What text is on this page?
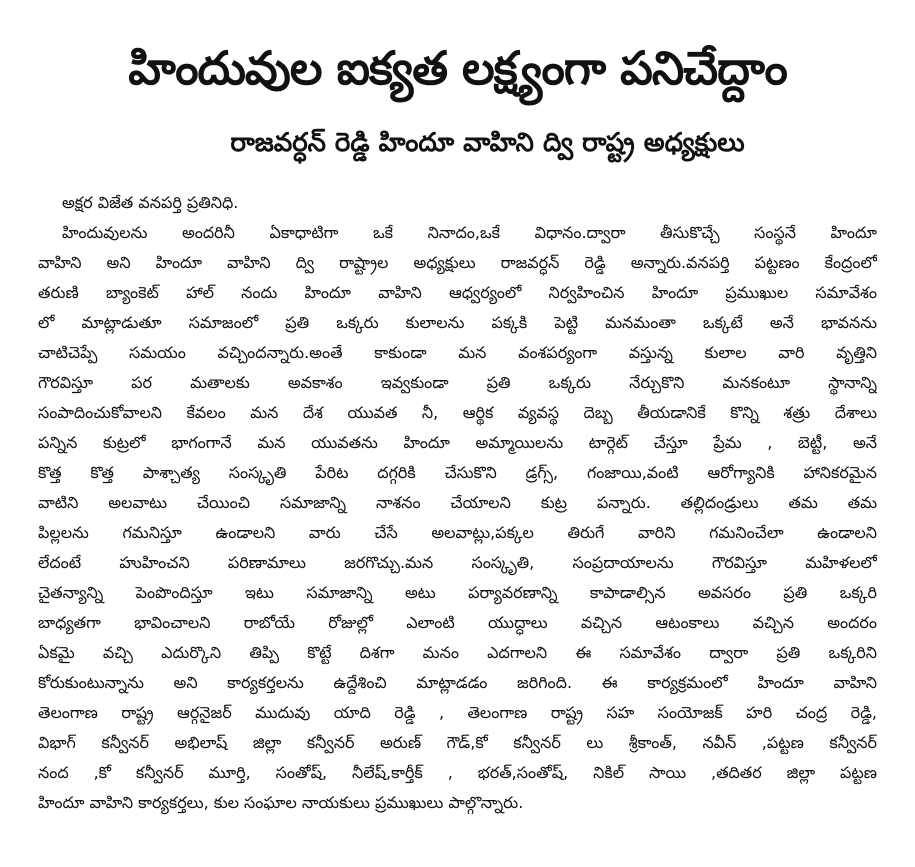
హిందువుల ఐక్యత లక్ష్యంగా పనిచేద్దాం
రాజవర్ధన్ రెడ్డి హిందూ వాహిని ద్వి రాష్ట్ర అధ్యక్షులు
అక్షర విజేత వనపర్తి ప్రతినిధి.
హిందువులను అందరినీ ఏకాధాటిగా ఒకే నినాదం,ఒకే విధానం.ద్వారా తీసుకొచ్చే సంస్థనే హిందూ
వాహిని అని హిందూ వాహిని ద్వి రాష్ట్రాల అధ్యక్షులు రాజవర్ధన్ రెడ్డి అన్నారు.వనపర్తి పట్టణం కేంద్రంలో
తరుణి బ్యాంకెట్ హాల్ నందు హిందూ వాహిని ఆధ్వర్యంలో నిర్వహించిన హిందూ ప్రముఖుల సమావేశం
లో మాట్లాడుతూ సమాజంలో ప్రతి ఒక్కరు కులాలను పక్కకి పెట్టి మనమంతా ఒక్కటే అనే భావనను
చాటిచెప్పే సమయం వచ్చిందన్నారు.అంతే కాకుండా మన వంశపర్యంగా వస్తున్న కులాల వారి వృత్తిని
గౌరవిస్తూ పర మతాలకు అవకాశం ఇవ్వకుండా ప్రతి ఒక్కరు నేర్చుకొని మనకంటూ స్థానాన్ని
సంపాదించుకోవాలని కేవలం మన దేశ యువత నీ, ఆర్థిక వ్యవస్థ దెబ్బ తీయడానికే కొన్ని శత్రు దేశాలు
పన్నిన కుట్రలో భాగంగానే మన యువతను హిందూ అమ్మాయిలను టార్గెట్ చేస్తూ ప్రేమ , బెట్టీ, అనే
కొత్త కొత్త పాశ్చాత్య సంస్కృతి పేరిట దగ్గరికి చేసుకొని డ్రగ్స్, గంజాయి,వంటి ఆరోగ్యానికి హానికరమైన
వాటిని అలవాటు చేయించి సమాజాన్ని నాశనం చేయాలని కుట్ర పన్నారు. తల్లిదండ్రులు తమ తమ
పిల్లలను గమనిస్తూ ఉండాలని వారు చేసే అలవాట్లు,పక్కల తిరుగే వారిని గమనించేలా ఉండాలని
లేదంటే హుహించని పరిణామాలు జరగొచ్చు.మన సంస్కృతి, సంప్రదాయాలను గౌరవిస్తూ మహిళలలో
చైతన్యాన్ని పెంపొందిస్తూ ఇటు సమాజాన్ని అటు పర్యావరణాన్ని కాపాడాల్సిన అవసరం ప్రతి ఒక్కరి
బాధ్యతగా భావించాలని రాబోయే రోజుల్లో ఎలాంటి యుద్ధాలు వచ్చిన ఆటంకాలు వచ్చిన అందరం
ఏకమై వచ్చి ఎదుర్కొని తిప్పి కొట్టే దిశగా మనం ఎదగాలని ఈ సమావేశం ద్వారా ప్రతి ఒక్కరిని
కోరుకుంటున్నాను అని కార్యకర్తలను ఉద్దేశించి మాట్లాడడం జరిగింది. ఈ కార్యక్రమంలో హిందూ వాహిని
తెలంగాణ రాష్ట్ర ఆర్గనైజర్ ముదువు యాది రెడ్డి , తెలంగాణ రాష్ట్ర సహ సంయోజక్ హరి చంద్ర రెడ్డి,
విభాగ్ కన్వీనర్ అభిలాష్ జిల్లా కన్వీనర్ అరుణ్ గౌడ్,కో కన్వీనర్ లు శ్రీకాంత్, నవీన్ ,పట్టణ కన్వీనర్
నంద ,కో కన్వీనర్ మూర్తి, సంతోష్, నీలేష్,కార్తీక్ , భరత్,సంతోష్, నికిల్ సాయి ,తదితర జిల్లా పట్టణ
హిందూ వాహిని కార్యకర్తలు, కుల సంఘాల నాయకులు ప్రముఖులు పాల్గొన్నారు.
